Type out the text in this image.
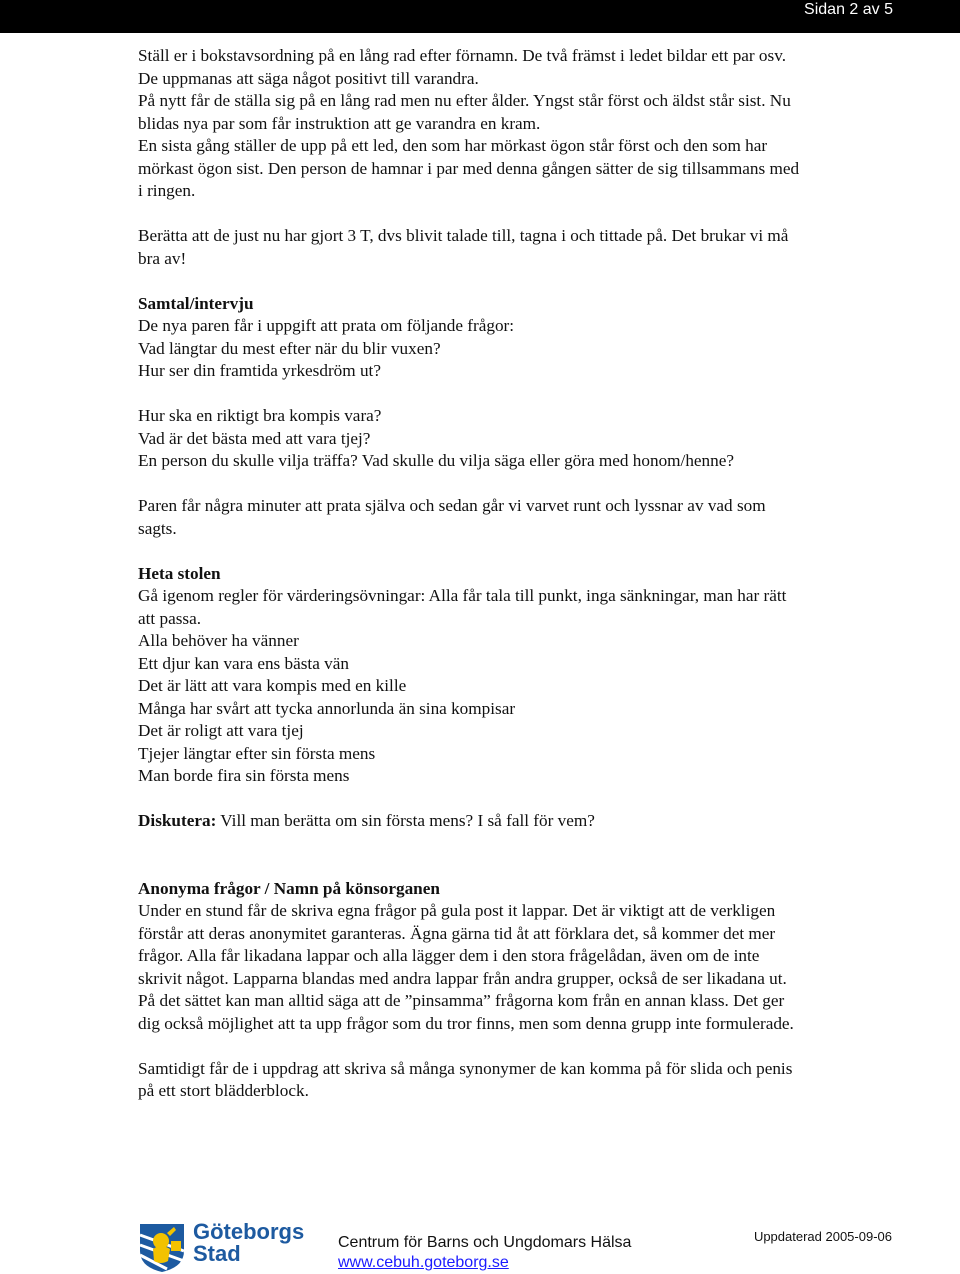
Sidan 2 av 5

Ställ er i bokstavsordning på en lång rad efter förnamn. De två främst i ledet bildar ett par osv.

De uppmanas att säga något positivt till varandra.

På nytt får de ställa sig på en lång rad men nu efter ålder. Yngst står först och äldst står sist. Nu

blidas nya par som får instruktion att ge varandra en kram.

En sista gång ställer de upp på ett led, den som har mörkast ögon står först och den som har

mörkast ögon sist. Den person de hamnar i par med denna gången sätter de sig tillsammans med

i ringen.

Berätta att de just nu har gjort 3 T, dvs blivit talade till, tagna i och tittade på. Det brukar vi må

bra av!

Samtal/intervju

De nya paren får i uppgift att prata om följande frågor:

Vad längtar du mest efter när du blir vuxen?

Hur ser din framtida yrkesdröm ut?

Hur ska en riktigt bra kompis vara?

Vad är det bästa med att vara tjej?

En person du skulle vilja träffa? Vad skulle du vilja säga eller göra med honom/henne?

Paren får några minuter att prata själva och sedan går vi varvet runt och lyssnar av vad som

sagts.

Heta stolen

Gå igenom regler för värderingsövningar: Alla får tala till punkt, inga sänkningar, man har rätt

att passa.

Alla behöver ha vänner

Ett djur kan vara ens bästa vän

Det är lätt att vara kompis med en kille

Många har svårt att tycka annorlunda än sina kompisar

Det är roligt att vara tjej

Tjejer längtar efter sin första mens

Man borde fira sin första mens

Diskutera: Vill man berätta om sin första mens? I så fall för vem?

Anonyma frågor / Namn på könsorganen

Under en stund får de skriva egna frågor på gula post it lappar. Det är viktigt att de verkligen

förstår att deras anonymitet garanteras. Ägna gärna tid åt att förklara det, så kommer det mer

frågor. Alla får likadana lappar och alla lägger dem i den stora frågelådan, även om de inte

skrivit något. Lapparna blandas med andra lappar från andra grupper, också de ser likadana ut.

På det sättet kan man alltid säga att de ”pinsamma” frågorna kom från en annan klass. Det ger

dig också möjlighet att ta upp frågor som du tror finns, men som denna grupp inte formulerade.

Samtidigt får de i uppdrag att skriva så många synonymer de kan komma på för slida och penis

på ett stort blädderblock.

Göteborgs
Stad	Centrum för Barns och Ungdomars Hälsa
www.cebuh.goteborg.se
Uppdaterad 2005-09-06
